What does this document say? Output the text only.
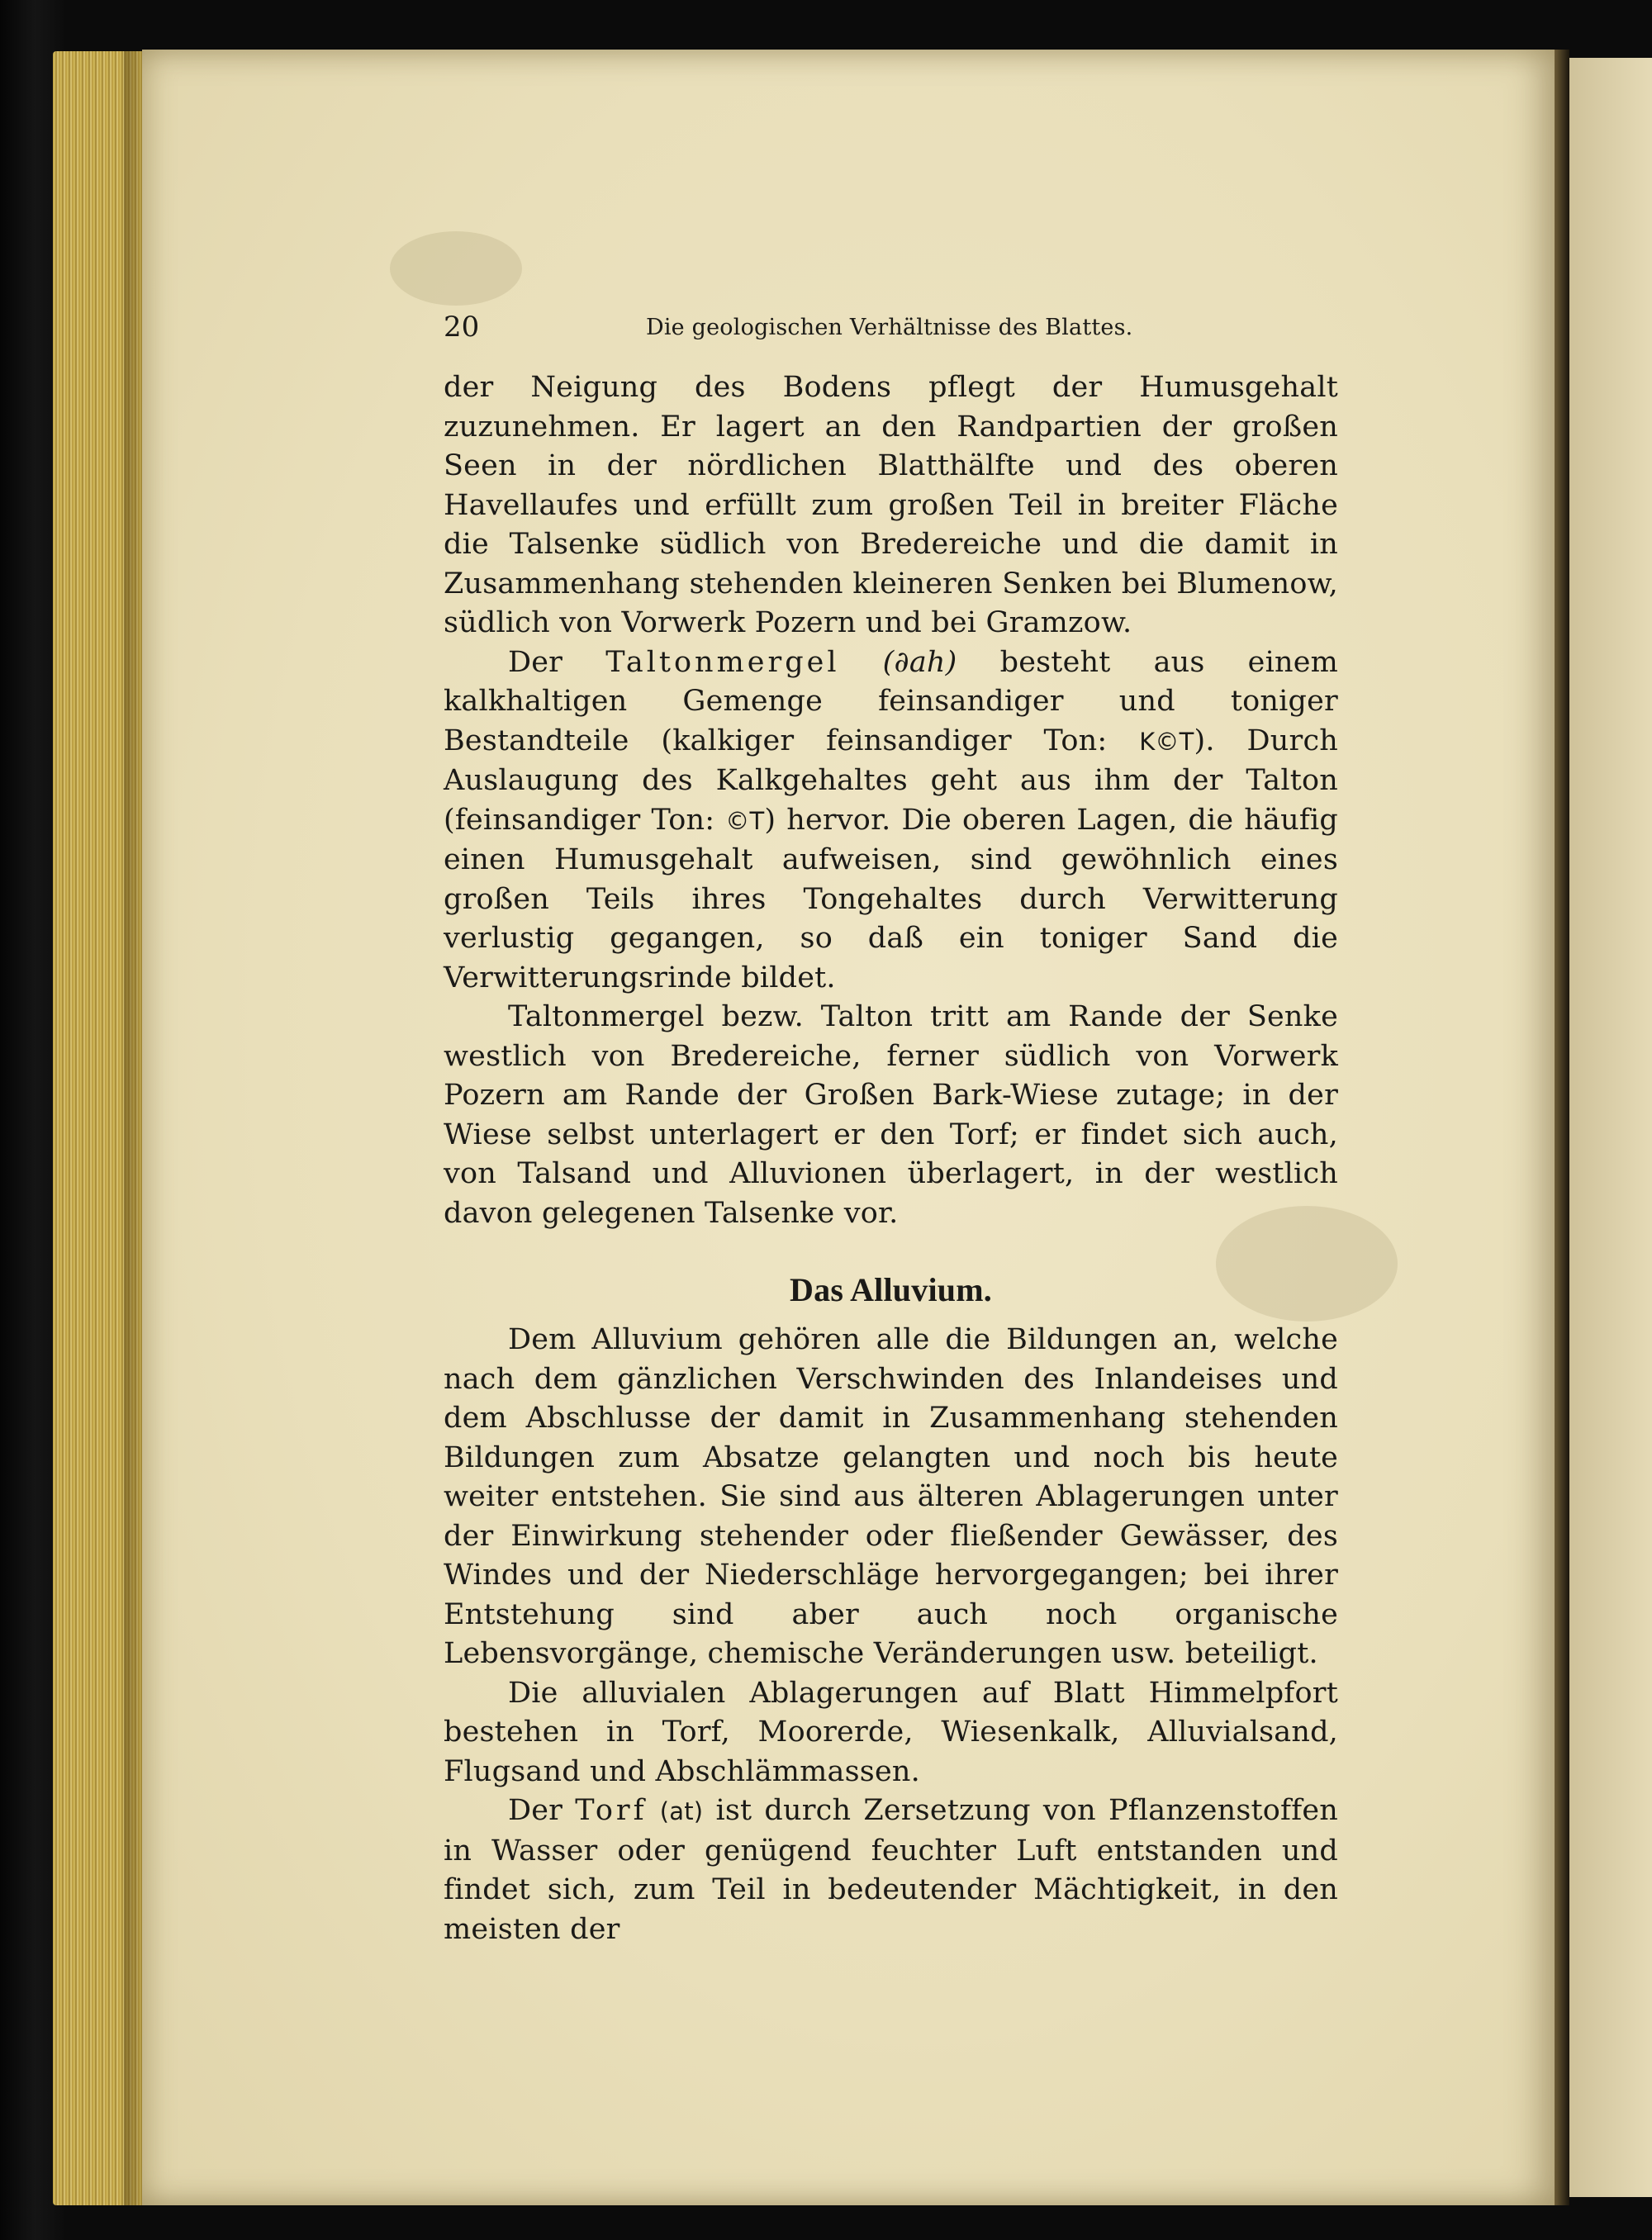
20	Die geologischen Verhältnisse des Blattes.

der Neigung des Bodens pflegt der Humusgehalt zuzunehmen. Er lagert an den Randpartien der großen Seen in der nördlichen Blatthälfte und des oberen Havellaufes und erfüllt zum großen Teil in breiter Fläche die Talsenke südlich von Bredereiche und die damit in Zusammenhang stehenden kleineren Senken bei Blumenow, südlich von Vorwerk Pozern und bei Gramzow.

Der Taltonmergel (∂ah) besteht aus einem kalkhaltigen Gemenge feinsandiger und toniger Bestandteile (kalkiger feinsandiger Ton: K©T). Durch Auslaugung des Kalkgehaltes geht aus ihm der Talton (feinsandiger Ton: ©T) hervor. Die oberen Lagen, die häufig einen Humusgehalt aufweisen, sind gewöhnlich eines großen Teils ihres Tongehaltes durch Verwitterung verlustig gegangen, so daß ein toniger Sand die Verwitterungsrinde bildet.

Taltonmergel bezw. Talton tritt am Rande der Senke westlich von Bredereiche, ferner südlich von Vorwerk Pozern am Rande der Großen Bark-Wiese zutage; in der Wiese selbst unterlagert er den Torf; er findet sich auch, von Talsand und Alluvionen überlagert, in der westlich davon gelegenen Talsenke vor.

Das Alluvium.

Dem Alluvium gehören alle die Bildungen an, welche nach dem gänzlichen Verschwinden des Inlandeises und dem Abschlusse der damit in Zusammenhang stehenden Bildungen zum Absatze gelangten und noch bis heute weiter entstehen. Sie sind aus älteren Ablagerungen unter der Einwirkung stehender oder fließender Gewässer, des Windes und der Niederschläge hervorgegangen; bei ihrer Entstehung sind aber auch noch organische Lebensvorgänge, chemische Veränderungen usw. beteiligt.

Die alluvialen Ablagerungen auf Blatt Himmelpfort bestehen in Torf, Moorerde, Wiesenkalk, Alluvialsand, Flugsand und Abschlämmassen.

Der Torf (at) ist durch Zersetzung von Pflanzenstoffen in Wasser oder genügend feuchter Luft entstanden und findet sich, zum Teil in bedeutender Mächtigkeit, in den meisten der
